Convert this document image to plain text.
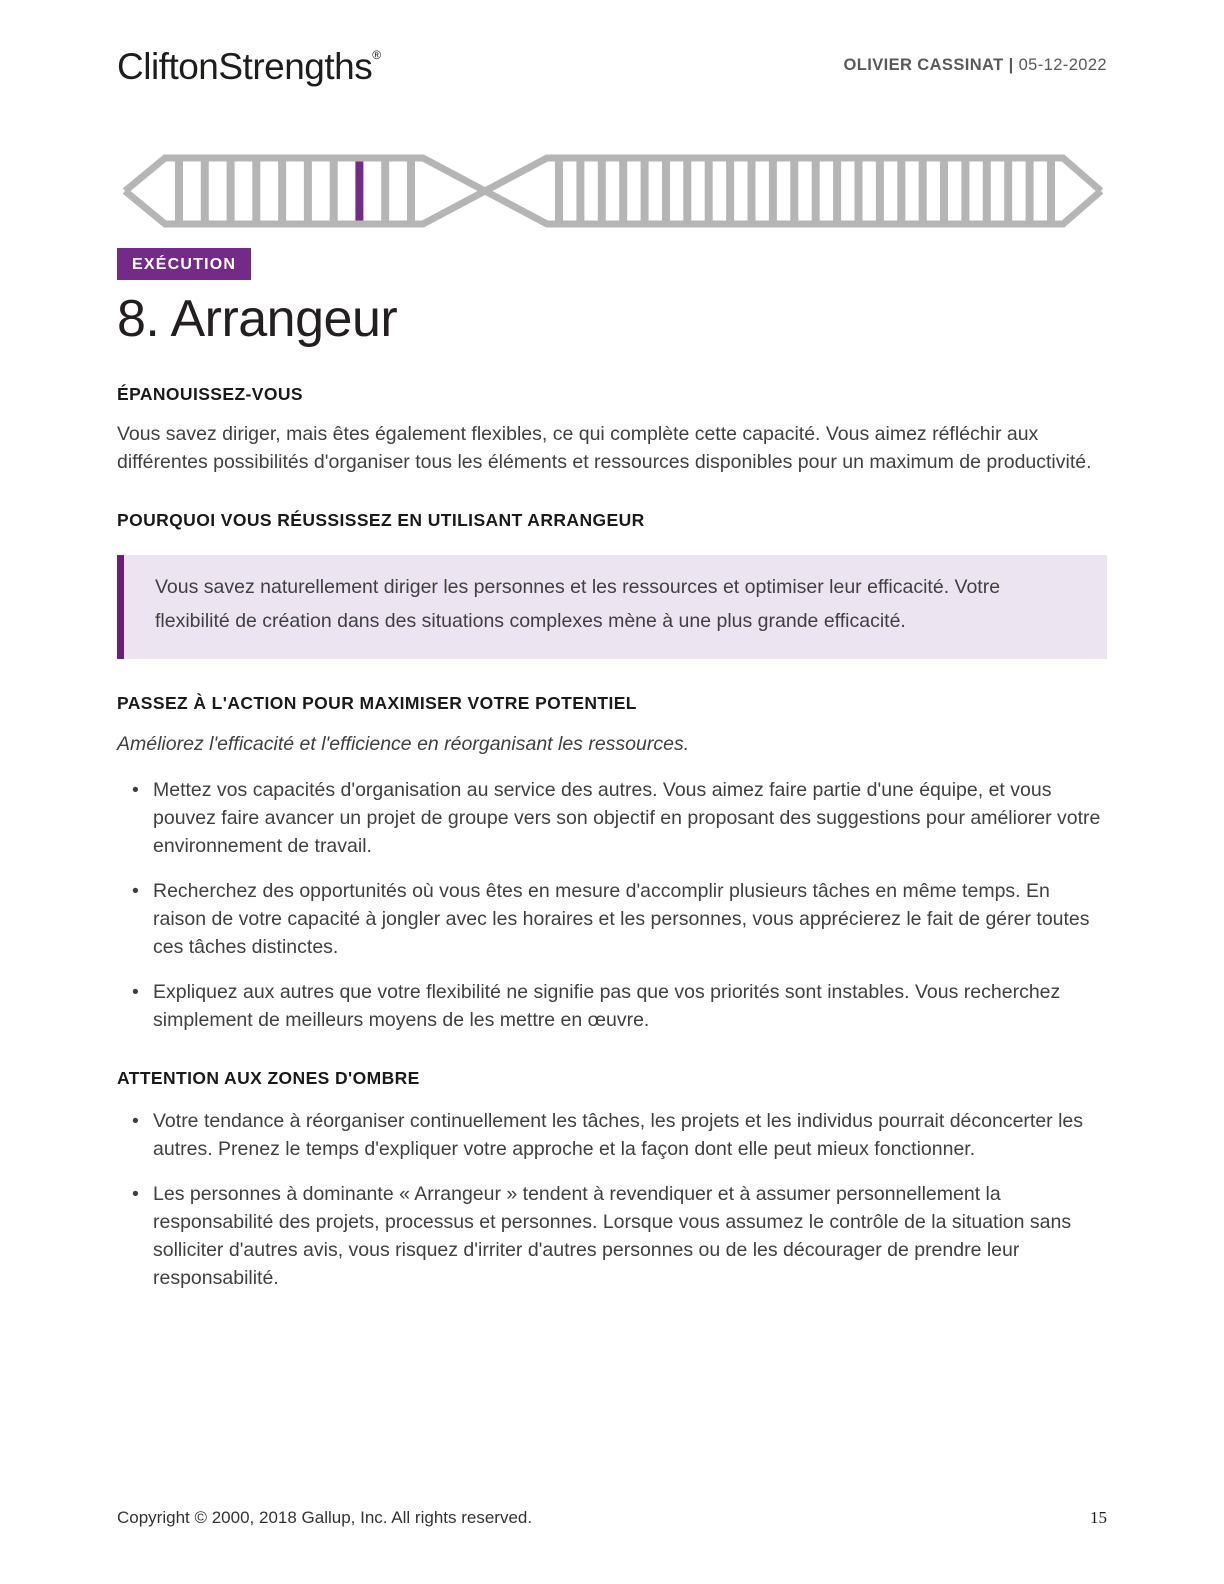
CliftonStrengths®
OLIVIER CASSINAT | 05-12-2022
EXÉCUTION
8. Arrangeur
ÉPANOUISSEZ-VOUS

Vous savez diriger, mais êtes également flexibles, ce qui complète cette capacité. Vous aimez réfléchir aux différentes possibilités d'organiser tous les éléments et ressources disponibles pour un maximum de productivité.

POURQUOI VOUS RÉUSSISSEZ EN UTILISANT ARRANGEUR
Vous savez naturellement diriger les personnes et les ressources et optimiser leur efficacité. Votre flexibilité de création dans des situations complexes mène à une plus grande efficacité.
PASSEZ À L'ACTION POUR MAXIMISER VOTRE POTENTIEL

Améliorez l'efficacité et l'efficience en réorganisant les ressources.

• Mettez vos capacités d'organisation au service des autres. Vous aimez faire partie d'une équipe, et vous pouvez faire avancer un projet de groupe vers son objectif en proposant des suggestions pour améliorer votre environnement de travail.
• Recherchez des opportunités où vous êtes en mesure d'accomplir plusieurs tâches en même temps. En raison de votre capacité à jongler avec les horaires et les personnes, vous apprécierez le fait de gérer toutes ces tâches distinctes.
• Expliquez aux autres que votre flexibilité ne signifie pas que vos priorités sont instables. Vous recherchez simplement de meilleurs moyens de les mettre en œuvre.
ATTENTION AUX ZONES D'OMBRE
• Votre tendance à réorganiser continuellement les tâches, les projets et les individus pourrait déconcerter les autres. Prenez le temps d'expliquer votre approche et la façon dont elle peut mieux fonctionner.
• Les personnes à dominante « Arrangeur » tendent à revendiquer et à assumer personnellement la responsabilité des projets, processus et personnes. Lorsque vous assumez le contrôle de la situation sans solliciter d'autres avis, vous risquez d'irriter d'autres personnes ou de les décourager de prendre leur responsabilité.
Copyright © 2000, 2018 Gallup, Inc. All rights reserved.	15
